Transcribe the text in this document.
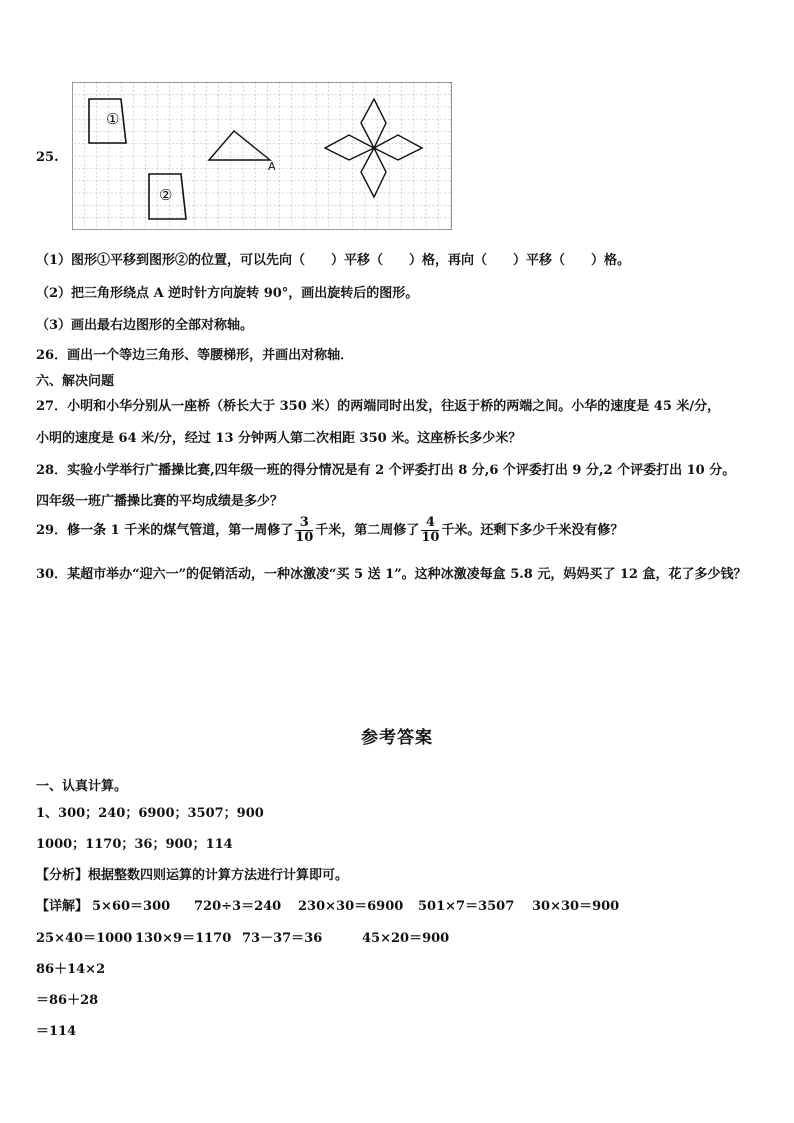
25.
①
②
A
（1）图形①平移到图形②的位置，可以先向（　　）平移（　　）格，再向（　　）平移（　　）格。
（2）把三角形绕点 A 逆时针方向旋转 90°，画出旋转后的图形。
（3）画出最右边图形的全部对称轴。
26．画出一个等边三角形、等腰梯形，并画出对称轴．
六、解决问题
27．小明和小华分别从一座桥（桥长大于 350 米）的两端同时出发，往返于桥的两端之间。小华的速度是 45 米/分，
小明的速度是 64 米/分，经过 13 分钟两人第二次相距 350 米。这座桥长多少米？
28．实验小学举行广播操比赛,四年级一班的得分情况是有 2 个评委打出 8 分,6 个评委打出 9 分,2 个评委打出 10 分。
四年级一班广播操比赛的平均成绩是多少？
29．修一条 1 千米的煤气管道，第一周修了 $\frac{3}{10}$ 千米，第二周修了 $\frac{4}{10}$ 千米。还剩下多少千米没有修？
30．某超市举办“迎六一”的促销活动，一种冰激凌“买 5 送 1”。这种冰激凌每盒 5.8 元，妈妈买了 12 盒，花了多少钱？
参考答案
一、认真计算。
1、300；240；6900；3507；900
1000；1170；36；900；114
【分析】根据整数四则运算的计算方法进行计算即可。
【详解】 5×60＝300 720÷3＝240 230×30＝6900 501×7＝3507 30×30＝900
25×40＝1000 130×9＝1170 73－37＝36	45×20＝900
86＋14×2
＝86＋28
＝114
